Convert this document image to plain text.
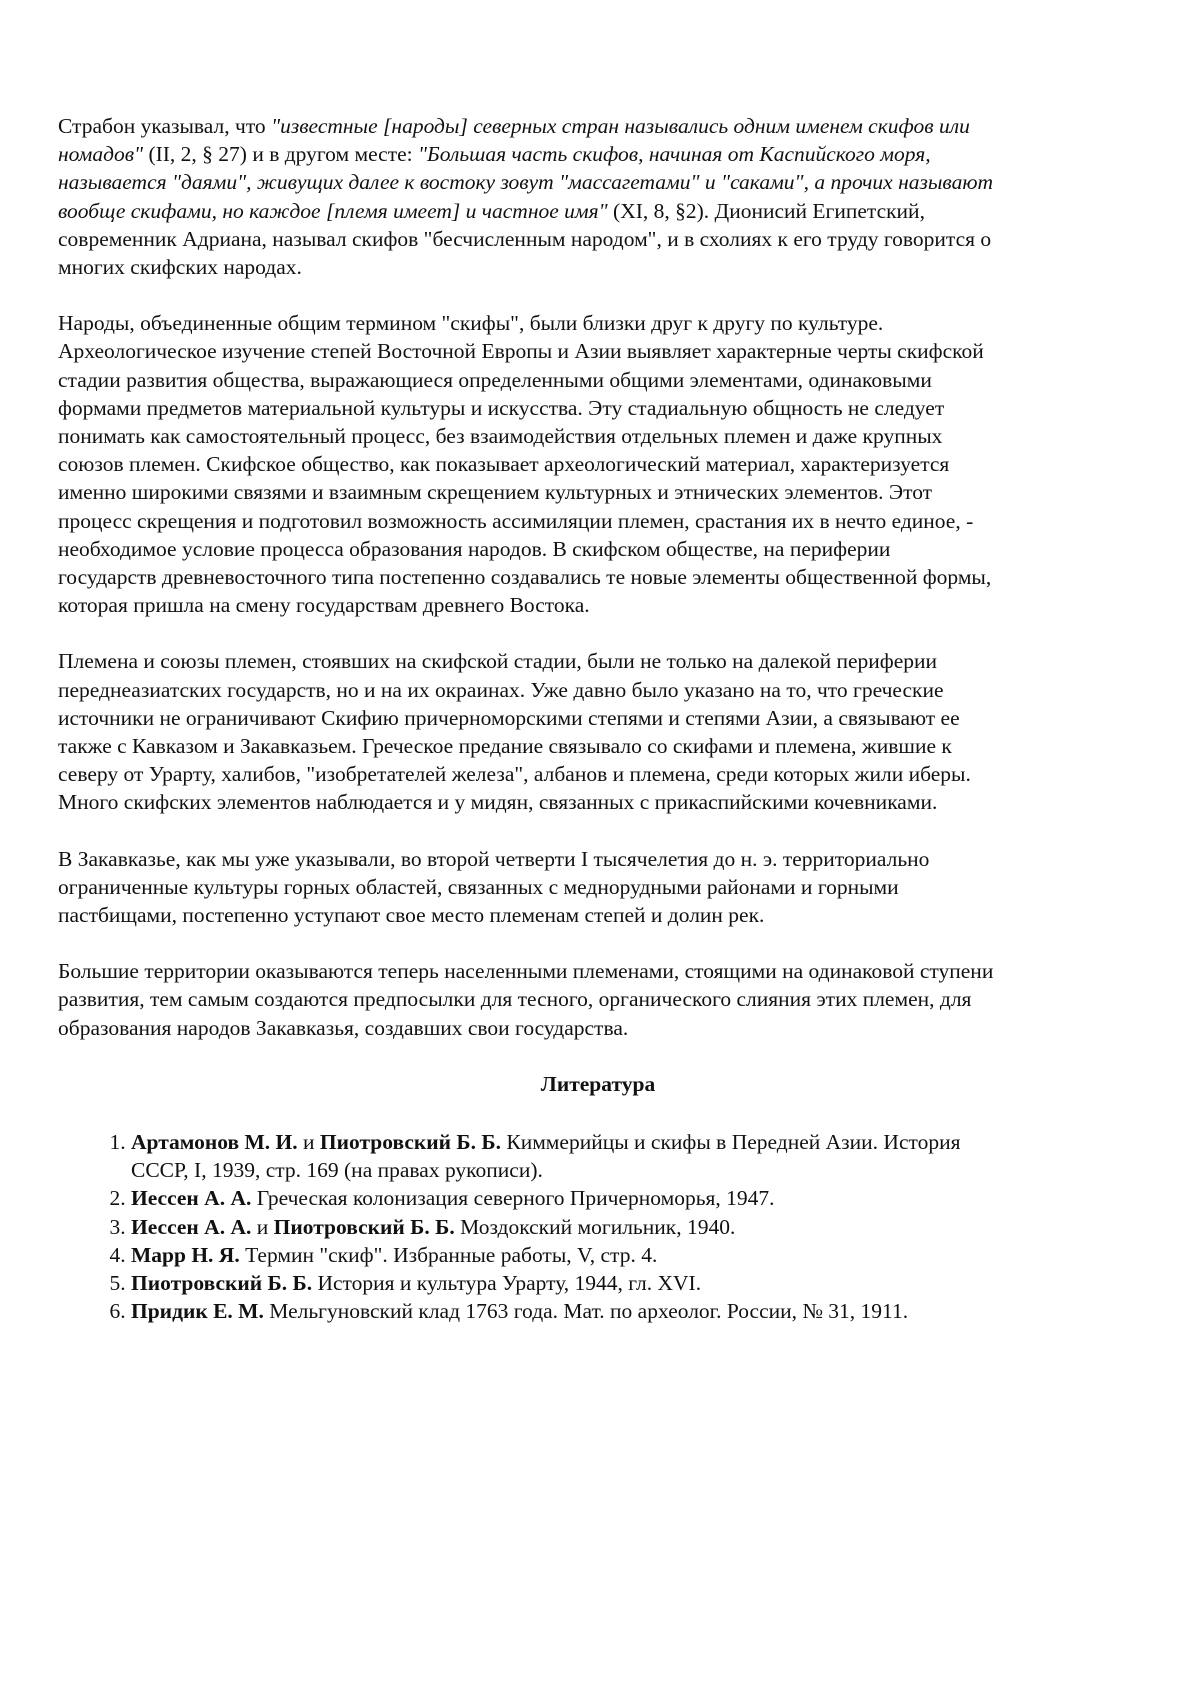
Страбон указывал, что "известные [народы] северных стран назывались одним именем скифов или
номадов" (II, 2, § 27) и в другом месте: "Большая часть скифов, начиная от Каспийского моря,
называется "даями", живущих далее к востоку зовут "массагетами" и "саками", а прочих называют
вообще скифами, но каждое [племя имеет] и частное имя" (XI, 8, §2). Дионисий Египетский,
современник Адриана, называл скифов "бесчисленным народом", и в схолиях к его труду говорится о
многих скифских народах.

Народы, объединенные общим термином "скифы", были близки друг к другу по культуре.
Археологическое изучение степей Восточной Европы и Азии выявляет характерные черты скифской
стадии развития общества, выражающиеся определенными общими элементами, одинаковыми
формами предметов материальной культуры и искусства. Эту стадиальную общность не следует
понимать как самостоятельный процесс, без взаимодействия отдельных племен и даже крупных
союзов племен. Скифское общество, как показывает археологический материал, характеризуется
именно широкими связями и взаимным скрещением культурных и этнических элементов. Этот
процесс скрещения и подготовил возможность ассимиляции племен, срастания их в нечто единое, -
необходимое условие процесса образования народов. В скифском обществе, на периферии
государств древневосточного типа постепенно создавались те новые элементы общественной формы,
которая пришла на смену государствам древнего Востока.

Племена и союзы племен, стоявших на скифской стадии, были не только на далекой периферии
переднеазиатских государств, но и на их окраинах. Уже давно было указано на то, что греческие
источники не ограничивают Скифию причерноморскими степями и степями Азии, а связывают ее
также с Кавказом и Закавказьем. Греческое предание связывало со скифами и племена, жившие к
северу от Урарту, халибов, "изобретателей железа", албанов и племена, среди которых жили иберы.
Много скифских элементов наблюдается и у мидян, связанных с прикаспийскими кочевниками.

В Закавказье, как мы уже указывали, во второй четверти I тысячелетия до н. э. территориально
ограниченные культуры горных областей, связанных с меднорудными районами и горными
пастбищами, постепенно уступают свое место племенам степей и долин рек.

Большие территории оказываются теперь населенными племенами, стоящими на одинаковой ступени
развития, тем самым создаются предпосылки для тесного, органического слияния этих племен, для
образования народов Закавказья, создавших свои государства.

Литература
1. Артамонов М. И. и Пиотровский Б. Б. Киммерийцы и скифы в Передней Азии. История
СССР, I, 1939, стр. 169 (на правах рукописи).
2. Иессен А. А. Греческая колонизация северного Причерноморья, 1947.
3. Иессен А. А. и Пиотровский Б. Б. Моздокский могильник, 1940.
4. Марр Н. Я. Термин "скиф". Избранные работы, V, стр. 4.
5. Пиотровский Б. Б. История и культура Урарту, 1944, гл. XVI.
6. Придик Е. М. Мельгуновский клад 1763 года. Мат. по археолог. России, № 31, 1911.
